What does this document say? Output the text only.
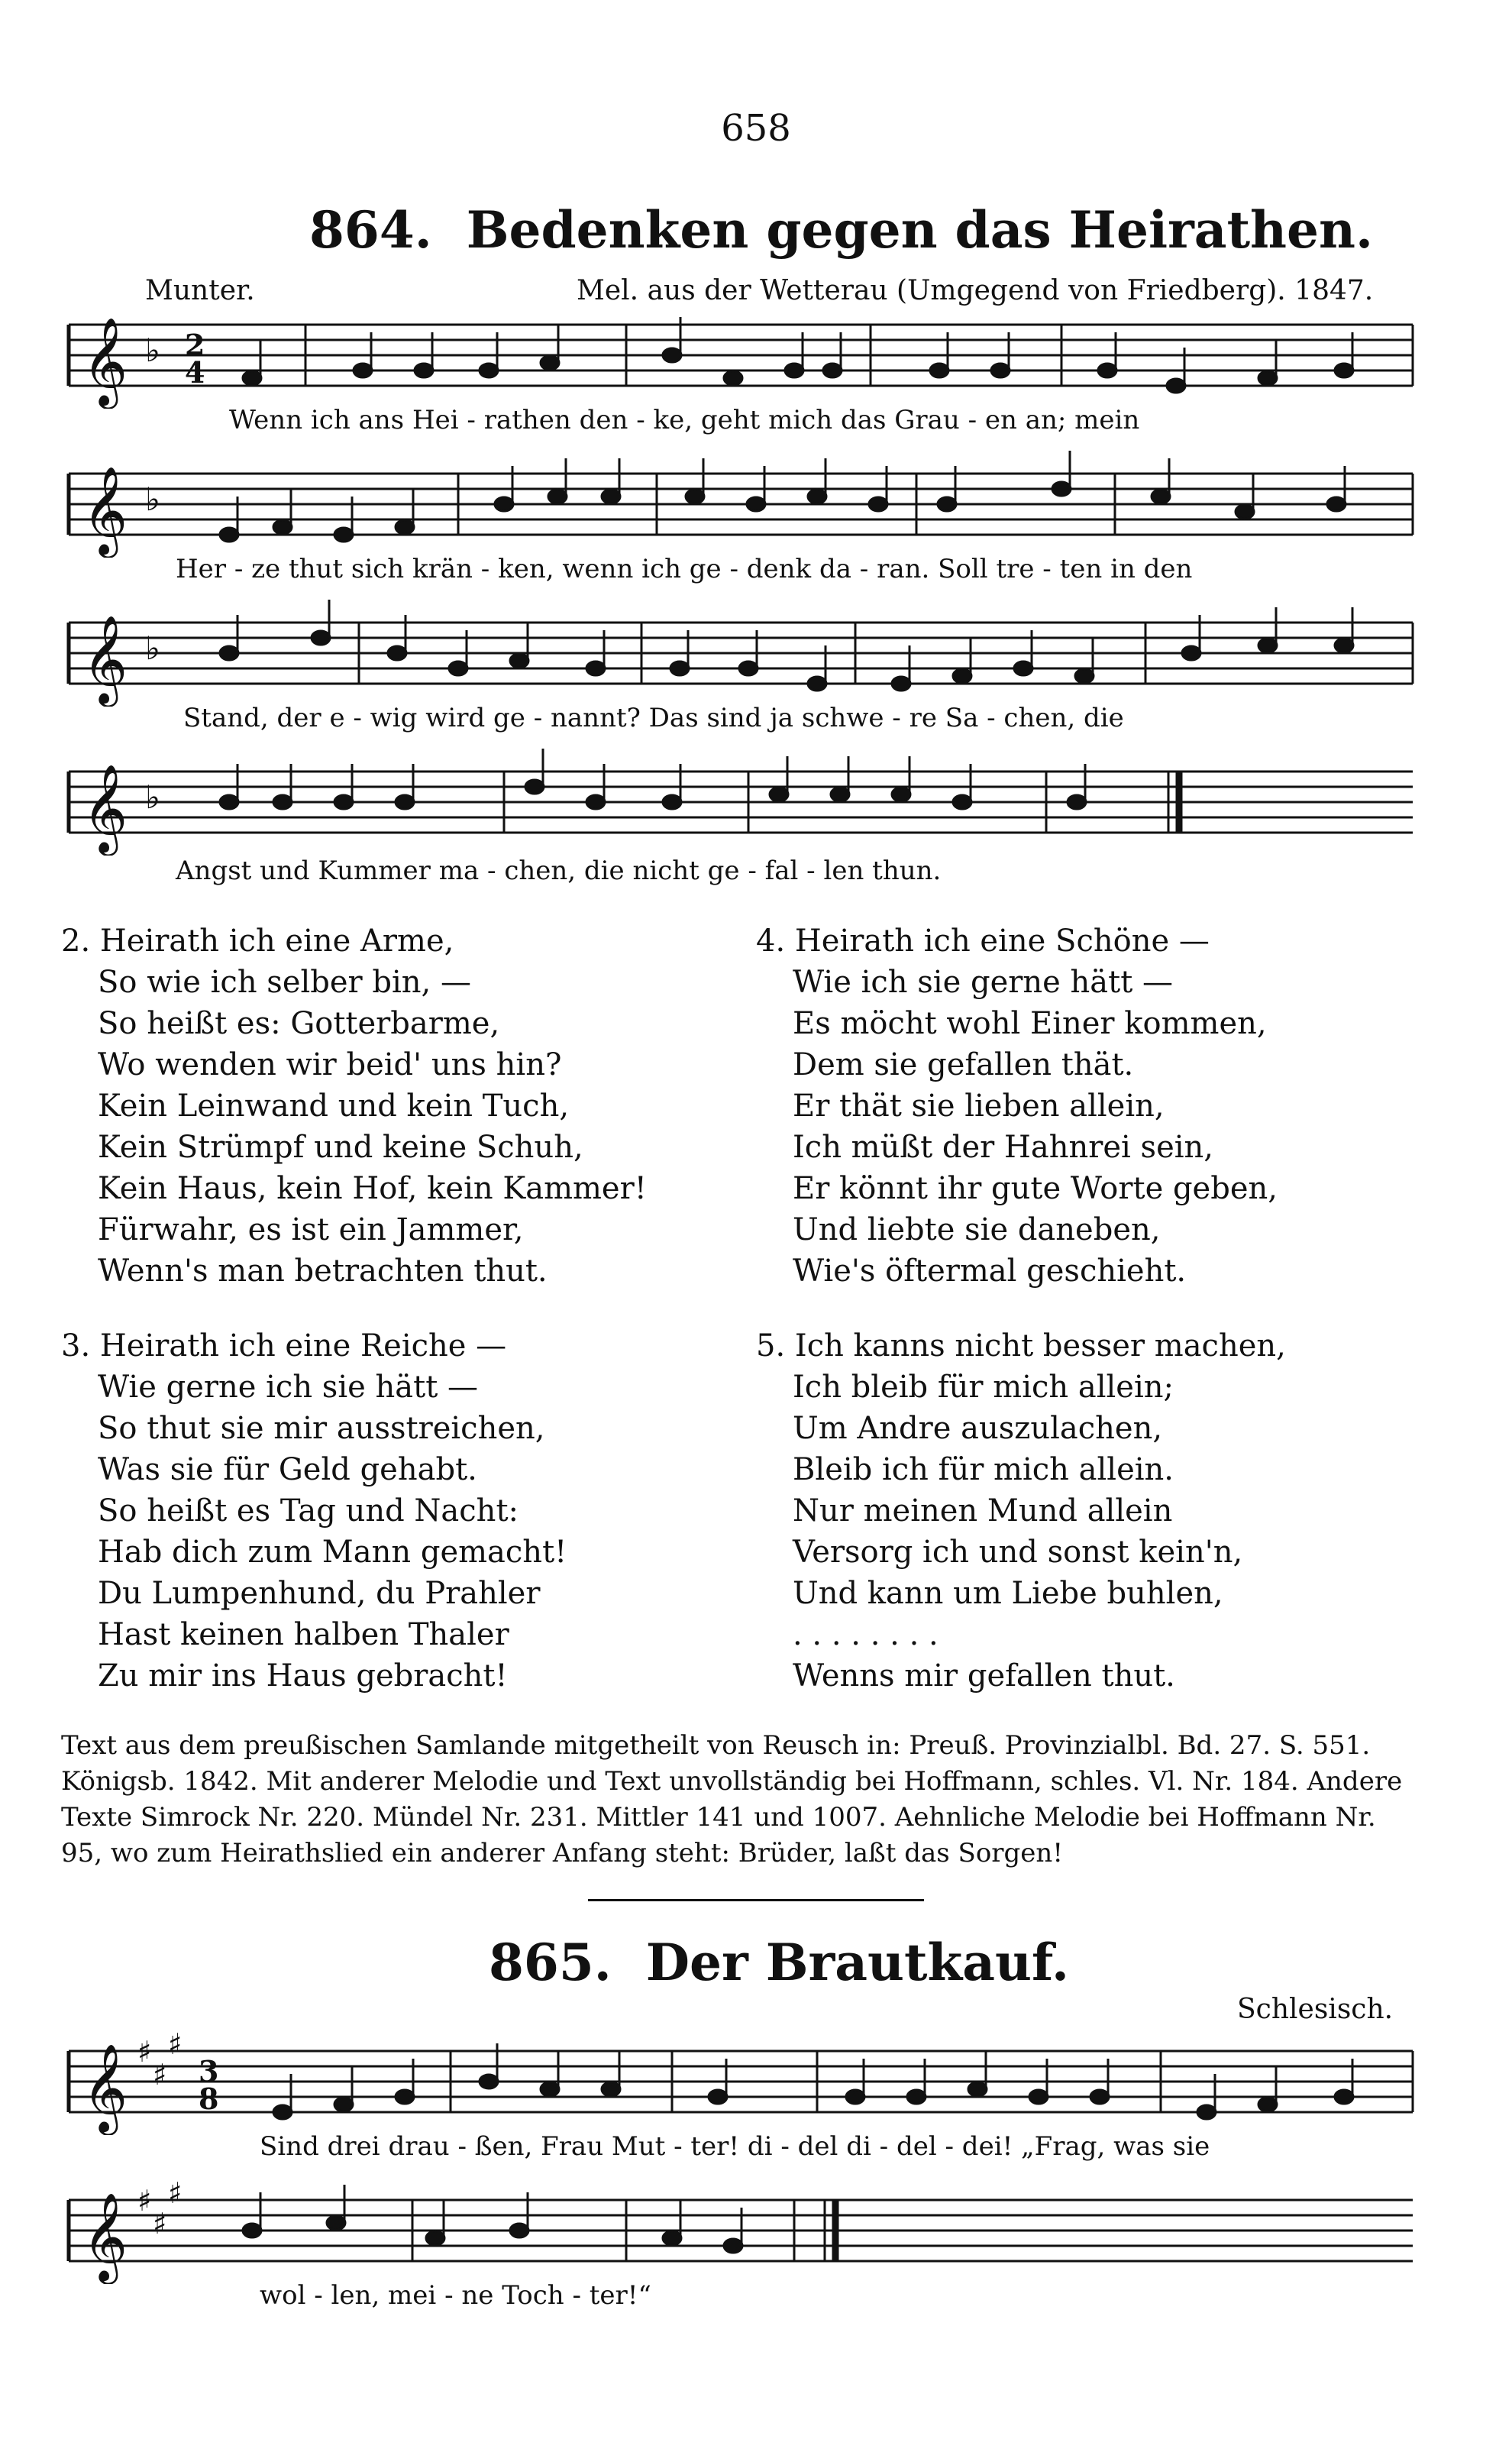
658
864. Bedenken gegen das Heirathen.
Munter.	Mel. aus der Wetterau (Umgegend von Friedberg). 1847.
𝄞 ♭ 2
4
Wenn ich ans Hei - rathen den - ke, geht mich das Grau - en an; mein
𝄞 ♭
Her - ze thut sich krän - ken, wenn ich ge - denk da - ran. Soll tre - ten in den
𝄞 ♭
Stand, der e - wig wird ge - nannt? Das sind ja schwe - re Sa - chen, die
𝄞 ♭
Angst und Kummer ma - chen, die nicht ge - fal - len thun.
2. Heirath ich eine Arme,
So wie ich selber bin, —
So heißt es: Gotterbarme,
Wo wenden wir beid' uns hin?
Kein Leinwand und kein Tuch,
Kein Strümpf und keine Schuh,
Kein Haus, kein Hof, kein Kammer!
Fürwahr, es ist ein Jammer,
Wenn's man betrachten thut.
3. Heirath ich eine Reiche —
Wie gerne ich sie hätt —
So thut sie mir ausstreichen,
Was sie für Geld gehabt.
So heißt es Tag und Nacht:
Hab dich zum Mann gemacht!
Du Lumpenhund, du Prahler
Hast keinen halben Thaler
Zu mir ins Haus gebracht!
4. Heirath ich eine Schöne —
Wie ich sie gerne hätt —
Es möcht wohl Einer kommen,
Dem sie gefallen thät.
Er thät sie lieben allein,
Ich müßt der Hahnrei sein,
Er könnt ihr gute Worte geben,
Und liebte sie daneben,
Wie's öftermal geschieht.
5. Ich kanns nicht besser machen,
Ich bleib für mich allein;
Um Andre auszulachen,
Bleib ich für mich allein.
Nur meinen Mund allein
Versorg ich und sonst kein'n,
Und kann um Liebe buhlen,
. . . . . . . .
Wenns mir gefallen thut.
Text aus dem preußischen Samlande mitgetheilt von Reusch in: Preuß. Provinzialbl. Bd. 27. S. 551. Königsb. 1842. Mit anderer Melodie und Text unvollständig bei Hoffmann, schles. Vl. Nr. 184. Andere Texte Simrock Nr. 220. Mündel Nr. 231. Mittler 141 und 1007. Aehnliche Melodie bei Hoffmann Nr. 95, wo zum Heirathslied ein anderer Anfang steht: Brüder, laßt das Sorgen!
865. Der Brautkauf.
Schlesisch.
𝄞 ♯
♯
♯
3
8
Sind drei drau - ßen, Frau Mut - ter! di - del di - del - dei! „Frag, was sie
𝄞 ♯
♯
♯
wol - len, mei - ne Toch - ter!“
